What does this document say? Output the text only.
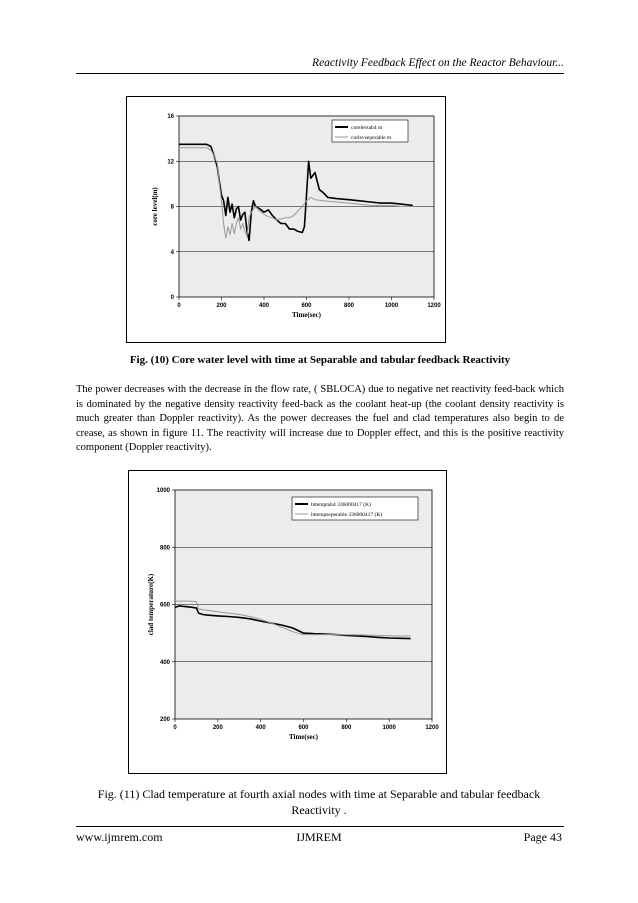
Reactivity Feedback Effect on the Reactor Behaviour...
0
4
8
12
16
0	200	400	600	800	1000	1200
Time(sec)
core level(m)
corelevtab4 m
corlevseperable m
Fig. (10) Core water level with time at Separable and tabular feedback Reactivity
The power decreases with the decrease in the flow rate, ( SBLOCA) due to negative net reactivity feed-back which is dominated by the negative density reactivity feed-back as the coolant heat-up (the coolant density reactivity is much greater than Doppler reactivity). As the power decreases the fuel and clad temperatures also begin to de crease, as shown in figure 11. The reactivity will increase due to Doppler effect, and this is the positive reactivity component (Doppler reactivity).
200
400
600
800
1000
0	200	400	600	800	1000	1200
Time(sec)
clad temperature(K)
httemptab4 336000417 (K)
httempseperable 336000417 (K)
Fig. (11) Clad temperature at fourth axial nodes with time at Separable and tabular feedback
Reactivity .
www.ijmrem.com	IJMREM	Page 43
